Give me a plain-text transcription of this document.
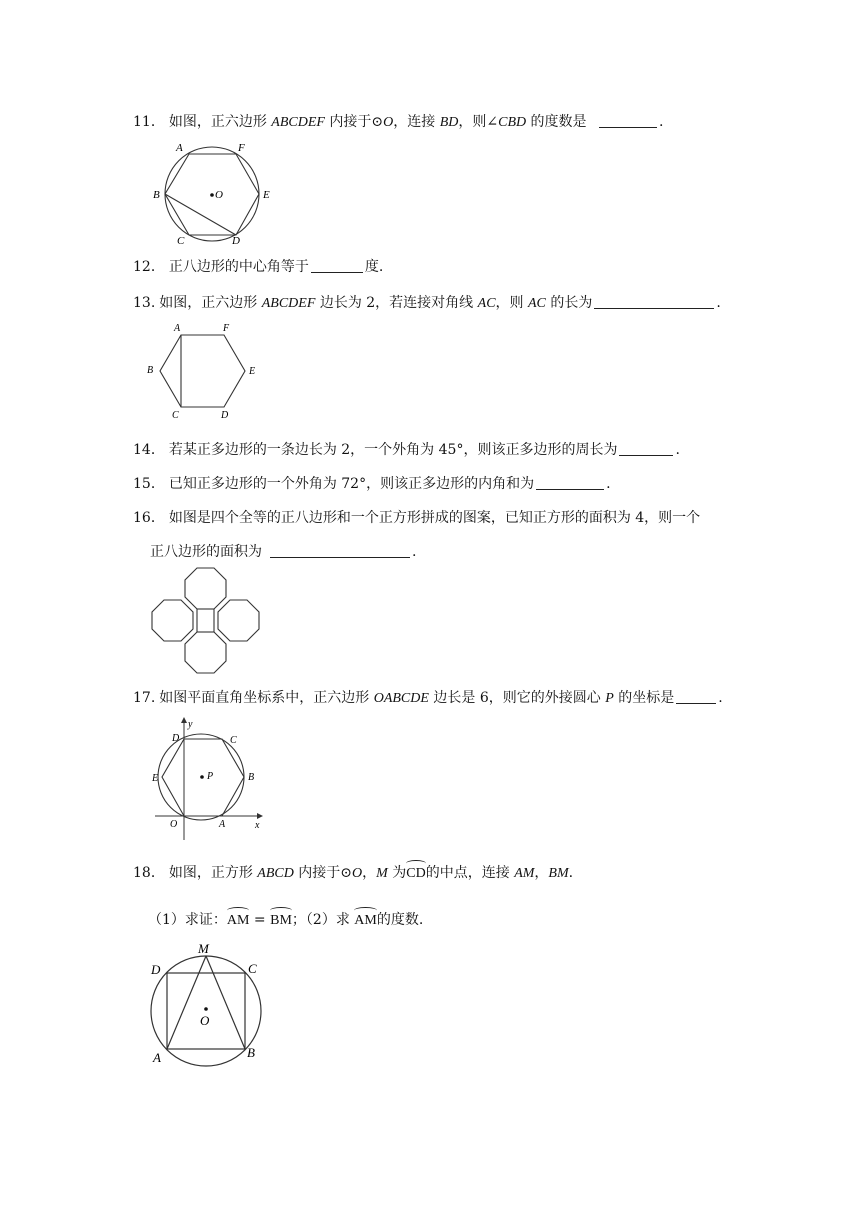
11． 如图，正六边形 ABCDEF 内接于⊙O，连接 BD，则∠CBD 的度数是	.
A	F
B	O	E
C	D
12． 正八边形的中心角等于	度.
13. 如图，正六边形 ABCDEF 边长为 2，若连接对角线 AC，则 AC 的长为	.
A	F
B	E
C	D
14． 若某正多边形的一条边长为 2，一个外角为 45°，则该正多边形的周长为	.
15． 已知正多边形的一个外角为 72°，则该正多边形的内角和为	.
16． 如图是四个全等的正八边形和一个正方形拼成的图案，已知正方形的面积为 4，则一个
正八边形的面积为	.
17. 如图平面直角坐标系中，正六边形 OABCDE 边长是 6，则它的外接圆心 P 的坐标是	.
y
D	C
E	P	B
O	A	x
18． 如图，正方形 ABCD 内接于⊙O，M 为CD的中点，连接 AM，BM.
（1）求证：AM = BM；（2）求 AM的度数.
M
D	C
O
A	B
